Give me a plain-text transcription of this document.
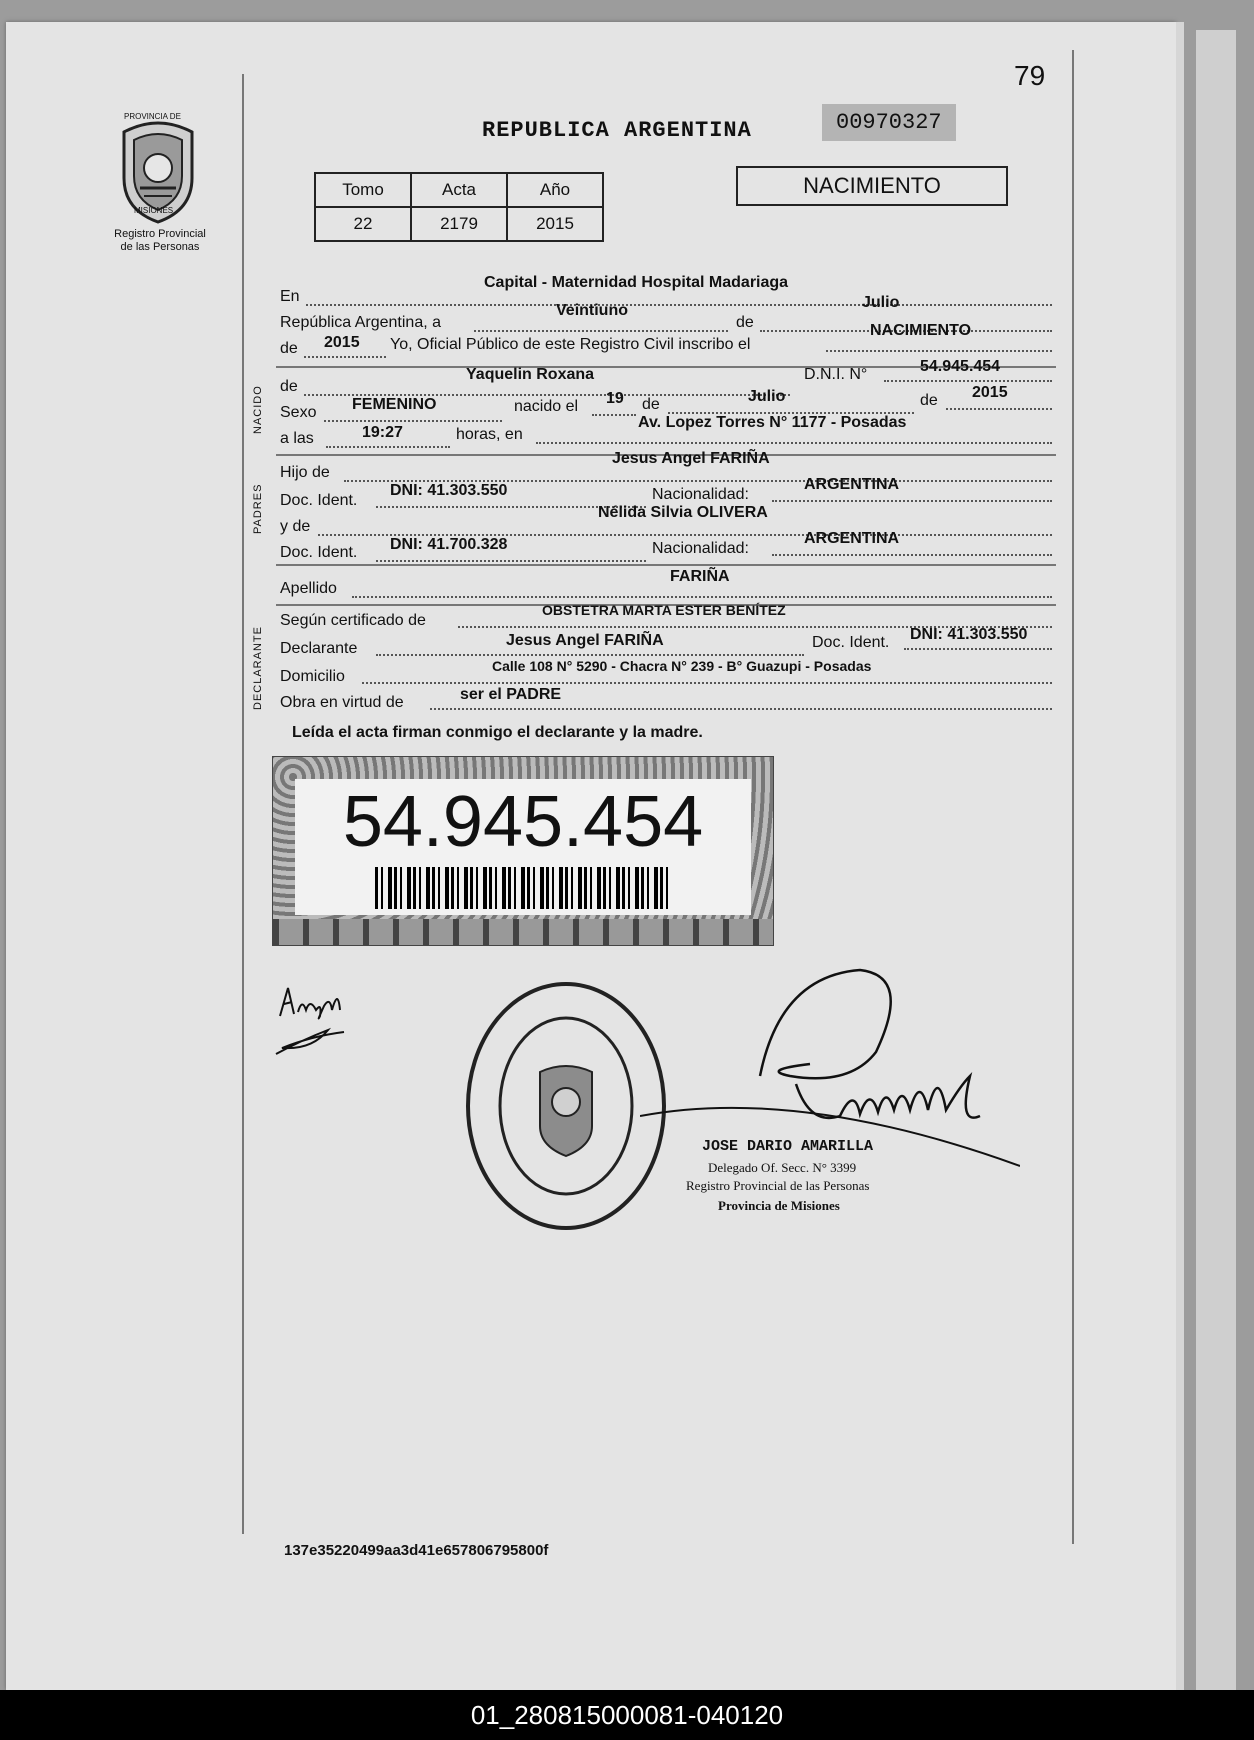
79
REPUBLICA ARGENTINA	00970327
Registro Provincial
de las Personas
PROVINCIA DE
MISIONES
Tomo	Acta	Año
22	2179	2015
NACIMIENTO
NACIDO
PADRES
DECLARANTE
En
Capital - Maternidad Hospital Madariaga
República Argentina, a
Veintiuno
de
Julio
de 2015 Yo, Oficial Público de este Registro Civil inscribo el
NACIMIENTO
de
Yaquelin Roxana	D.N.I. N°	54.945.454
Sexo FEMENINO	nacido el 19 de	Julio	de 2015
a las	19:27	horas, en
Av. Lopez Torres N° 1177 - Posadas
Hijo de
Jesus Angel FARIÑA
Doc. Ident.
DNI: 41.303.550	Nacionalidad:
ARGENTINA
y de
Nélida Silvia OLIVERA
Doc. Ident. DNI: 41.700.328	Nacionalidad:
ARGENTINA
Apellido
FARIÑA
Según certificado de
OBSTETRA MARTA ESTER BENÍTEZ
Declarante	Jesus Angel FARIÑA	Doc. Ident. DNI: 41.303.550
Domicilio
Calle 108 N° 5290 - Chacra N° 239 - B° Guazupi - Posadas
Obra en virtud de	ser el PADRE
Leída el acta firman conmigo el declarante y la madre.
54.945.454
JOSE DARIO AMARILLA
Delegado Of. Secc. N° 3399
Registro Provincial de las Personas
Provincia de Misiones
137e35220499aa3d41e657806795800f
01_280815000081-040120
